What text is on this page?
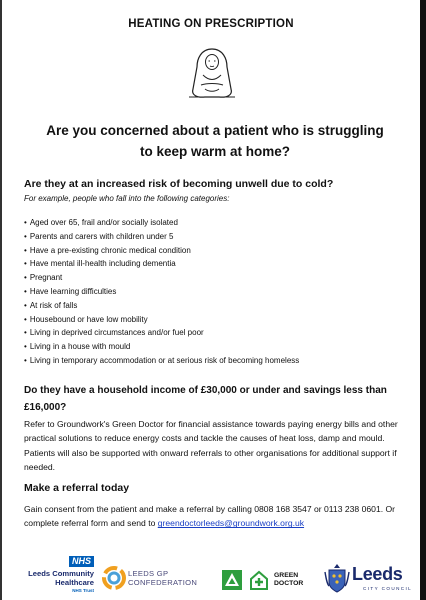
HEATING ON PRESCRIPTION
Are you concerned about a patient who is struggling
to keep warm at home?
Are they at an increased risk of becoming unwell due to cold?
For example, people who fall into the following categories:
• Aged over 65, frail and/or socially isolated
• Parents and carers with children under 5
• Have a pre-existing chronic medical condition
• Have mental ill-health including dementia
• Pregnant
• Have learning difficulties
• At risk of falls
• Housebound or have low mobility
• Living in deprived circumstances and/or fuel poor
• Living in a house with mould
• Living in temporary accommodation or at serious risk of becoming homeless
Do they have a household income of £30,000 or under and savings less than £16,000?
Refer to Groundwork's Green Doctor for financial assistance towards paying energy bills and other practical solutions to reduce energy costs and tackle the causes of heat loss, damp and mould. Patients will also be supported with onward referrals to other organisations for additional support if needed.
Make a referral today
Gain consent from the patient and make a referral by calling 0808 168 3547 or 0113 238 0601. Or complete referral form and send to greendoctorleeds@groundwork.org.uk
NHS
Leeds Community Healthcare
NHS Trust
LEEDS GP
CONFEDERATION
GREEN
DOCTOR	Leeds
CITY COUNCIL
